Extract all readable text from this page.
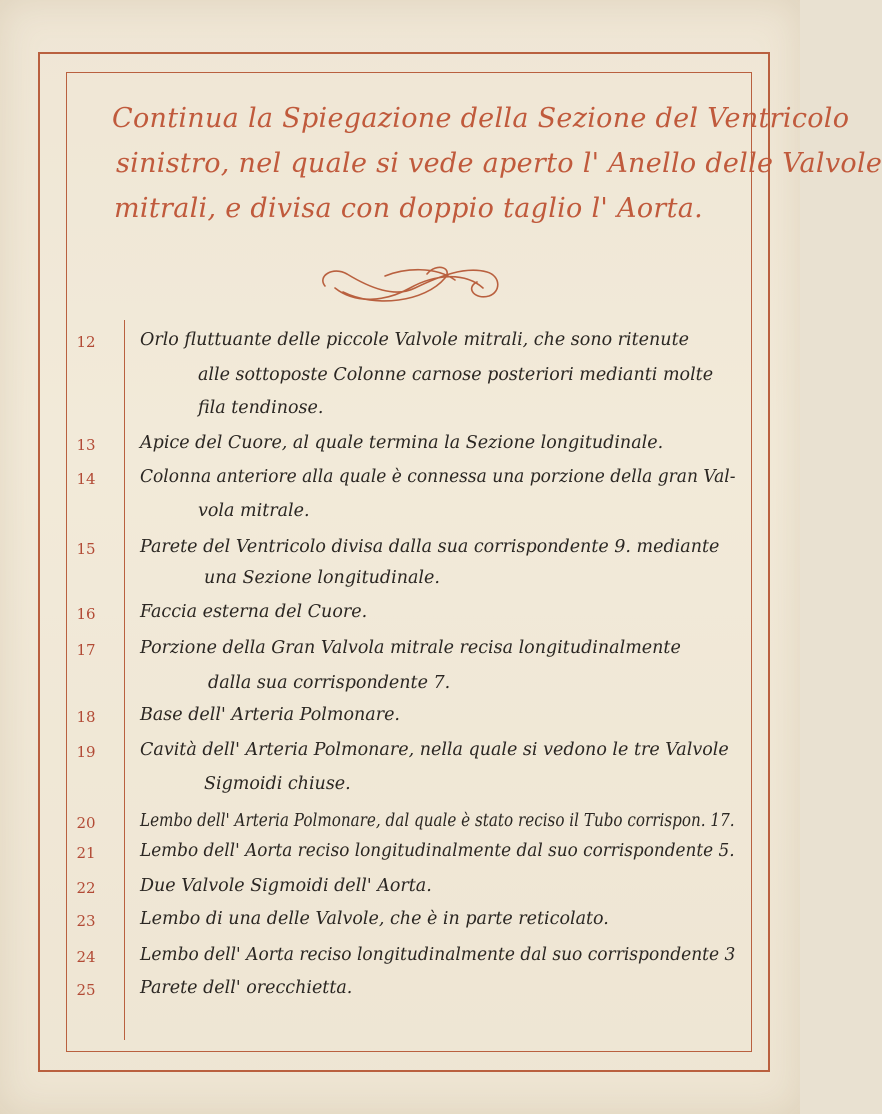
Continua la Spiegazione della Sezione del Ventricolo
sinistro, nel quale si vede aperto l' Anello delle Valvole
mitrali, e divisa con doppio taglio l' Aorta.
12	Orlo fluttuante delle piccole Valvole mitrali, che sono ritenute
alle sottoposte Colonne carnose posteriori medianti molte
fila tendinose.
13	Apice del Cuore, al quale termina la Sezione longitudinale.
14	Colonna anteriore alla quale è connessa una porzione della gran Val-
vola mitrale.
15	Parete del Ventricolo divisa dalla sua corrispondente 9. mediante
una Sezione longitudinale.
16	Faccia esterna del Cuore.
17	Porzione della Gran Valvola mitrale recisa longitudinalmente
dalla sua corrispondente 7.
18	Base dell' Arteria Polmonare.
19	Cavità dell' Arteria Polmonare, nella quale si vedono le tre Valvole
Sigmoidi chiuse.
20	Lembo dell' Arteria Polmonare, dal quale è stato reciso il Tubo corrispon. 17.
21	Lembo dell' Aorta reciso longitudinalmente dal suo corrispondente 5.
22	Due Valvole Sigmoidi dell' Aorta.
23	Lembo di una delle Valvole, che è in parte reticolato.
24	Lembo dell' Aorta reciso longitudinalmente dal suo corrispondente 3
25	Parete dell' orecchietta.
